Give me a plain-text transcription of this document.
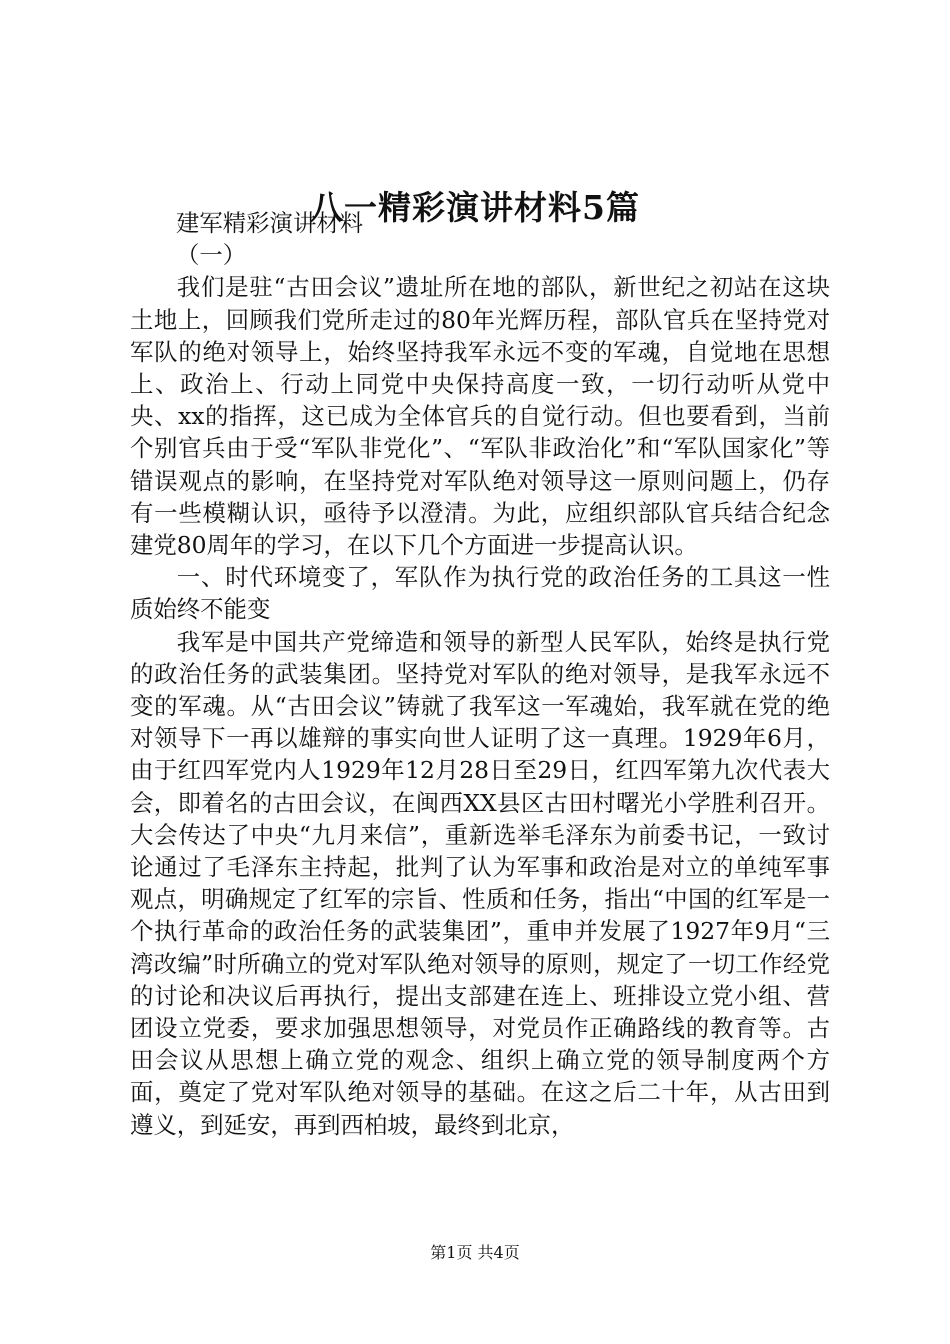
八一精彩演讲材料5篇

建军精彩演讲材料

（一）

我们是驻“古田会议”遗址所在地的部队，新世纪之初站在这块土地上，回顾我们党所走过的80年光辉历程，部队官兵在坚持党对军队的绝对领导上，始终坚持我军永远不变的军魂，自觉地在思想上、政治上、行动上同党中央保持高度一致，一切行动听从党中央、xx的指挥，这已成为全体官兵的自觉行动。但也要看到，当前个别官兵由于受“军队非党化”、“军队非政治化”和“军队国家化”等错误观点的影响，在坚持党对军队绝对领导这一原则问题上，仍存有一些模糊认识，亟待予以澄清。为此，应组织部队官兵结合纪念建党80周年的学习，在以下几个方面进一步提高认识。

一、时代环境变了，军队作为执行党的政治任务的工具这一性质始终不能变

我军是中国共产党缔造和领导的新型人民军队，始终是执行党的政治任务的武装集团。坚持党对军队的绝对领导，是我军永远不变的军魂。从“古田会议”铸就了我军这一军魂始，我军就在党的绝对领导下一再以雄辩的事实向世人证明了这一真理。1929年6月，由于红四军党内人1929年12月28日至29日，红四军第九次代表大会，即着名的古田会议，在闽西XX县区古田村曙光小学胜利召开。大会传达了中央“九月来信”，重新选举毛泽东为前委书记，一致讨论通过了毛泽东主持起，批判了认为军事和政治是对立的单纯军事观点，明确规定了红军的宗旨、性质和任务，指出“中国的红军是一个执行革命的政治任务的武装集团”，重申并发展了1927年9月“三湾改编”时所确立的党对军队绝对领导的原则，规定了一切工作经党的讨论和决议后再执行，提出支部建在连上、班排设立党小组、营团设立党委，要求加强思想领导，对党员作正确路线的教育等。古田会议从思想上确立党的观念、组织上确立党的领导制度两个方面，奠定了党对军队绝对领导的基础。在这之后二十年，从古田到遵义，到延安，再到西柏坡，最终到北京，

第1页 共4页
